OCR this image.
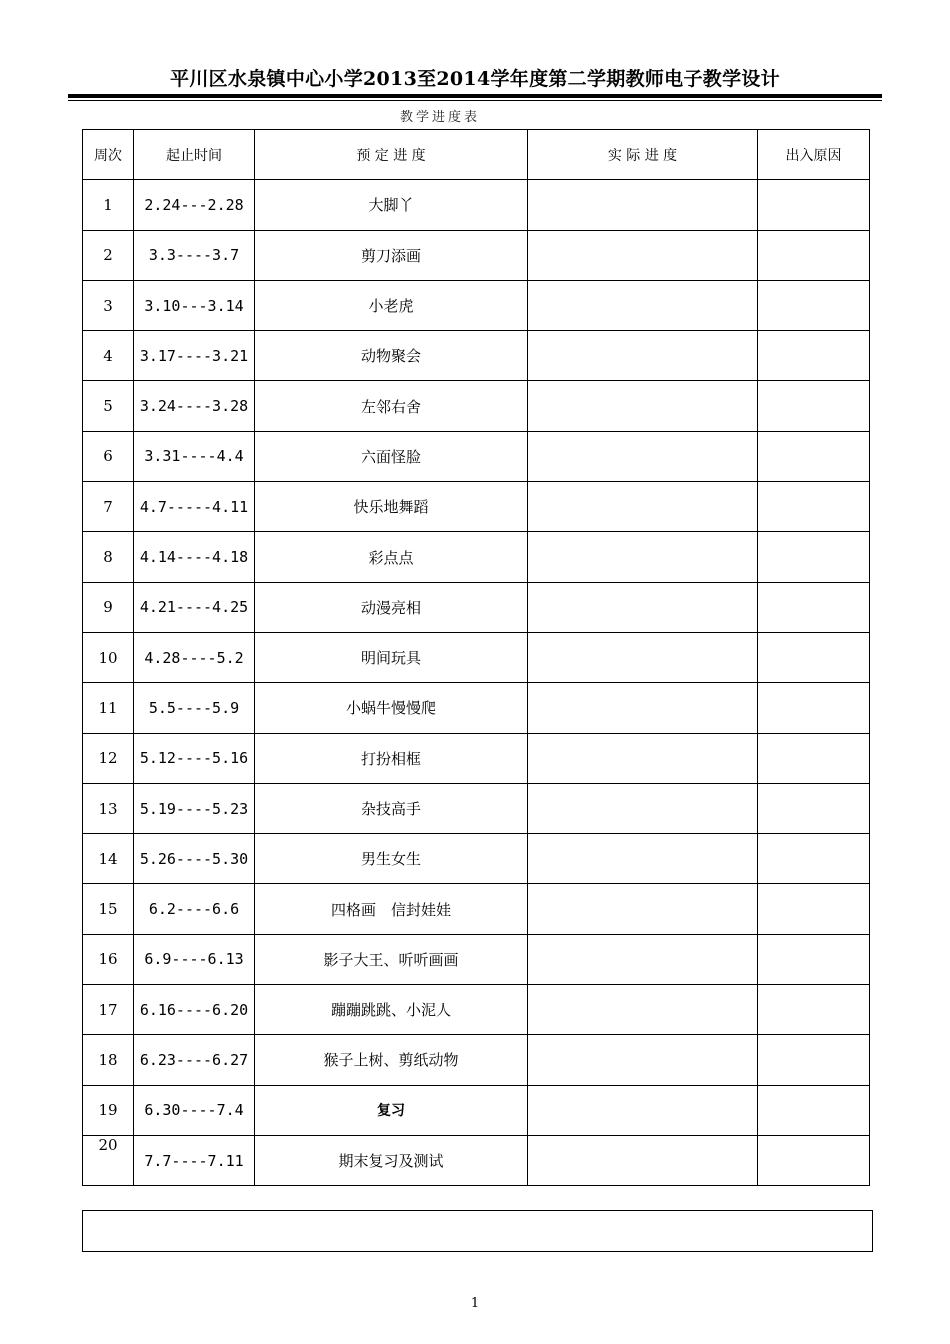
平川区水泉镇中心小学2013至2014学年度第二学期教师电子教学设计
教学进度表
周次	起止时间	预 定 进 度	实 际 进 度	出入原因
1	2.24---2.28	大脚丫		
2	3.3----3.7	剪刀添画		
3	3.10---3.14	小老虎		
4	3.17----3.21	动物聚会		
5	3.24----3.28	左邻右舍		
6	3.31----4.4	六面怪脸		
7	4.7-----4.11	快乐地舞蹈		
8	4.14----4.18	彩点点		
9	4.21----4.25	动漫亮相		
10	4.28----5.2	明间玩具		
11	5.5----5.9	小蜗牛慢慢爬		
12	5.12----5.16	打扮相框		
13	5.19----5.23	杂技高手		
14	5.26----5.30	男生女生		
15	6.2----6.6	四格画　信封娃娃		
16	6.9----6.13	影子大王、听听画画		
17	6.16----6.20	蹦蹦跳跳、小泥人		
18	6.23----6.27	猴子上树、剪纸动物		
19	6.30----7.4	复习		
20	7.7----7.11	期末复习及测试		
1
